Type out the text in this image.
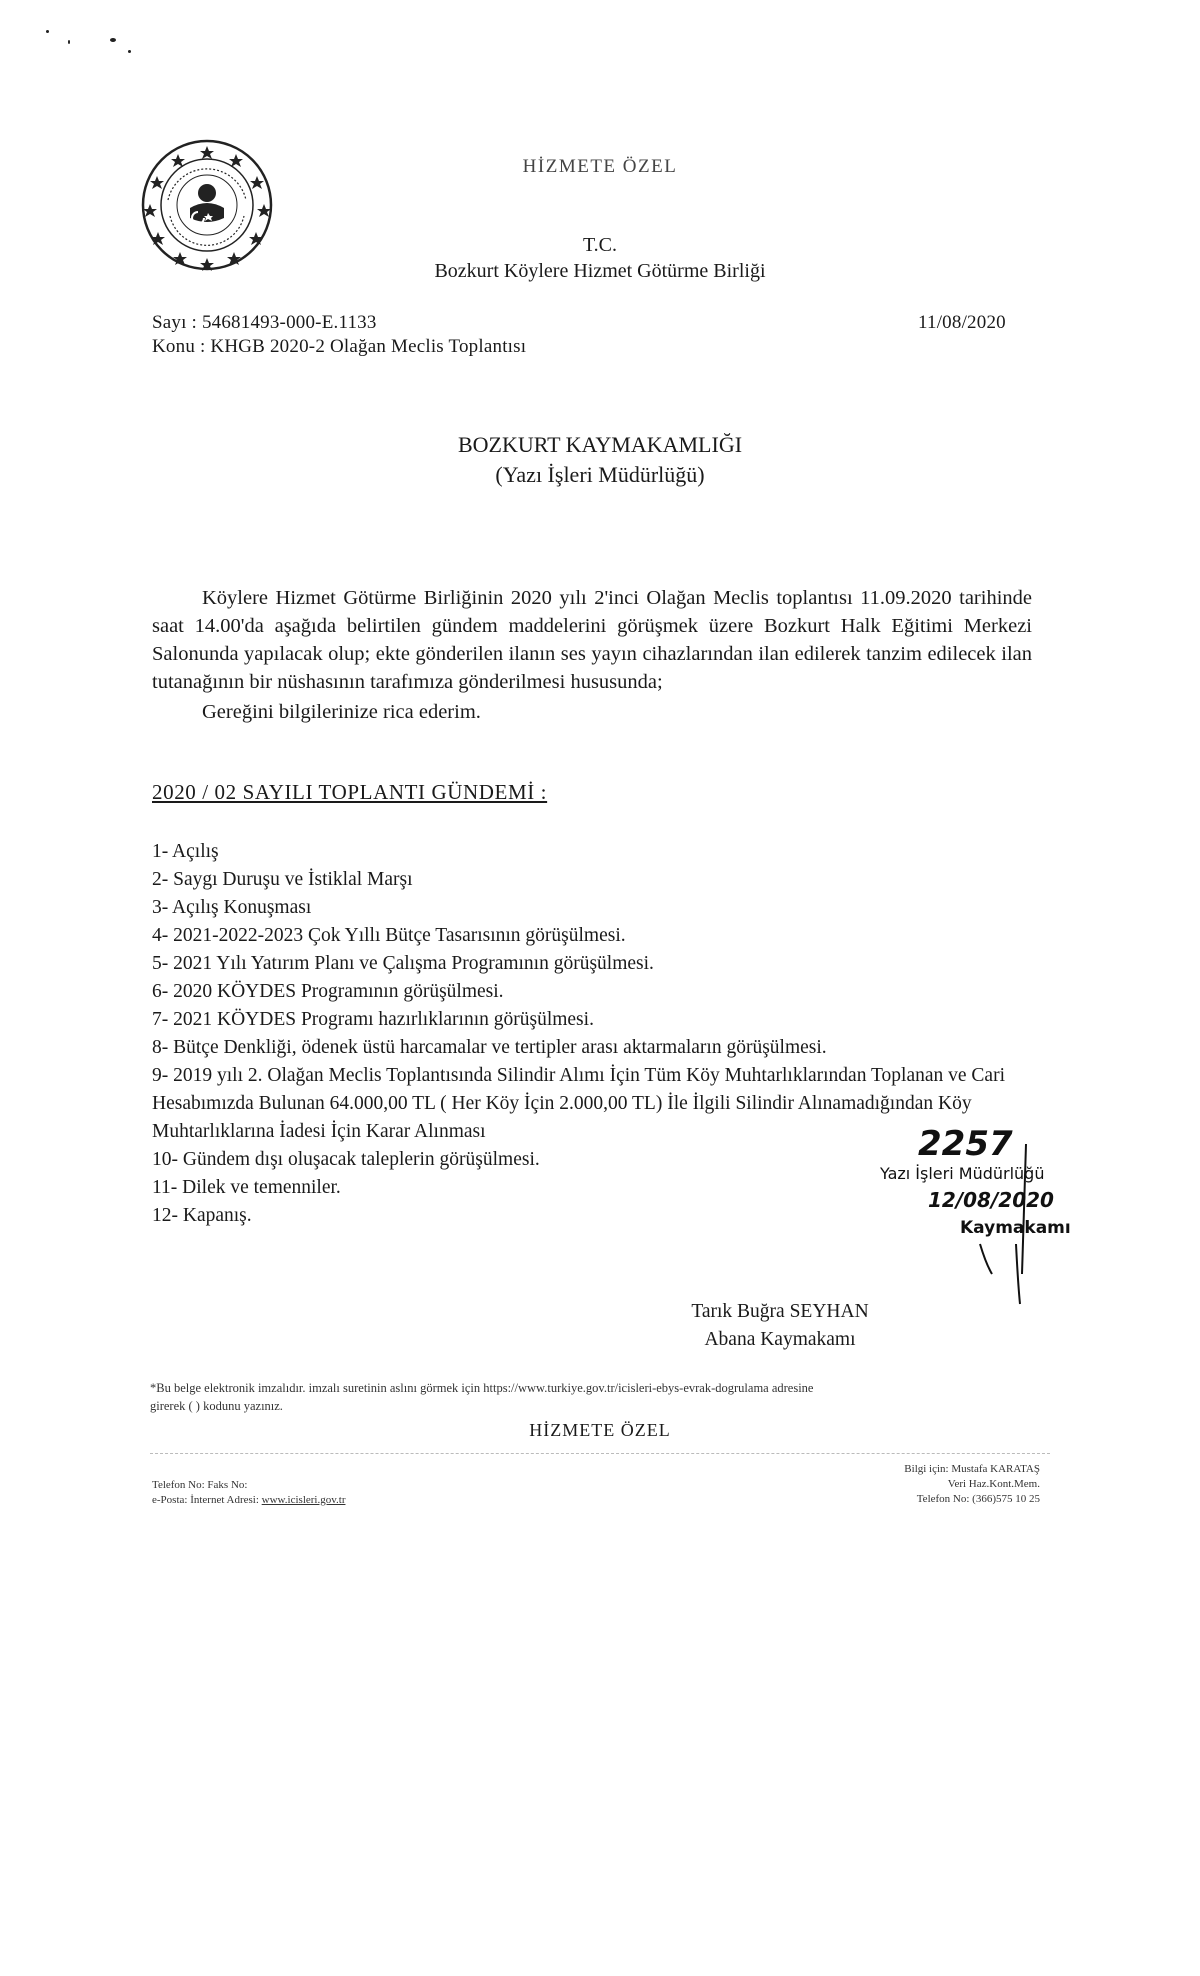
HİZMETE ÖZEL
T.C.
Bozkurt Köylere Hizmet Götürme Birliği
Sayı : 54681493-000-E.1133
Konu : KHGB 2020-2 Olağan Meclis Toplantısı
11/08/2020
BOZKURT KAYMAKAMLIĞI
(Yazı İşleri Müdürlüğü)

Köylere Hizmet Götürme Birliğinin 2020 yılı 2'inci Olağan Meclis toplantısı 11.09.2020 tarihinde saat 14.00'da aşağıda belirtilen gündem maddelerini görüşmek üzere Bozkurt Halk Eğitimi Merkezi Salonunda yapılacak olup; ekte gönderilen ilanın ses yayın cihazlarından ilan edilerek tanzim edilecek ilan tutanağının bir nüshasının tarafımıza gönderilmesi hususunda;

Gereğini bilgilerinize rica ederim.

2020 / 02 SAYILI TOPLANTI GÜNDEMİ :
1- Açılış
2- Saygı Duruşu ve İstiklal Marşı
3- Açılış Konuşması
4- 2021-2022-2023 Çok Yıllı Bütçe Tasarısının görüşülmesi.
5- 2021 Yılı Yatırım Planı ve Çalışma Programının görüşülmesi.
6- 2020 KÖYDES Programının görüşülmesi.
7- 2021 KÖYDES Programı hazırlıklarının görüşülmesi.
8- Bütçe Denkliği, ödenek üstü harcamalar ve tertipler arası aktarmaların görüşülmesi.
9- 2019 yılı 2. Olağan Meclis Toplantısında Silindir Alımı İçin Tüm Köy Muhtarlıklarından Toplanan ve Cari Hesabımızda Bulunan 64.000,00 TL ( Her Köy İçin 2.000,00 TL) İle İlgili Silindir Alınamadığından Köy Muhtarlıklarına İadesi İçin Karar Alınması
10- Gündem dışı oluşacak taleplerin görüşülmesi.
11- Dilek ve temenniler.
12- Kapanış.
2257
Yazı İşleri Müdürlüğü
12/08/2020
Kaymakamı
Tarık Buğra SEYHAN
Abana Kaymakamı
*Bu belge elektronik imzalıdır. imzalı suretinin aslını görmek için https://www.turkiye.gov.tr/icisleri-ebys-evrak-dogrulama adresine
girerek ( ) kodunu yazınız.
HİZMETE ÖZEL
Telefon No: Faks No:
e-Posta: İnternet Adresi: www.icisleri.gov.tr
Bilgi için: Mustafa KARATAŞ
Veri Haz.Kont.Mem.
Telefon No: (366)575 10 25
